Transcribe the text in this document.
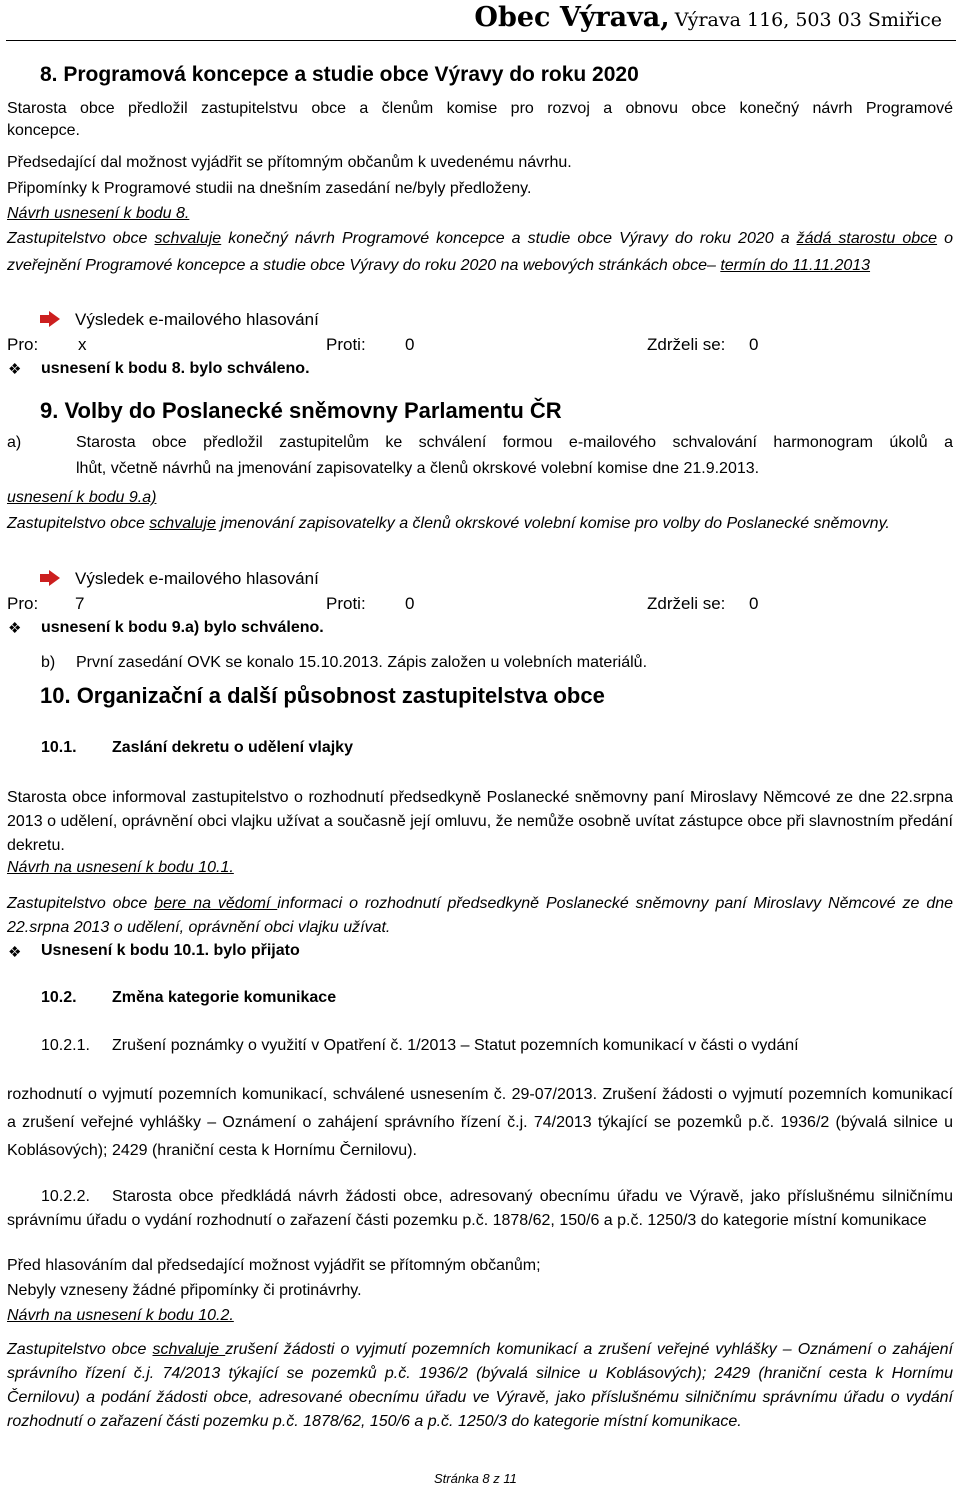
Obec Výrava, Výrava 116, 503 03 Smiřice
8. Programová koncepce a studie obce Výravy do roku 2020
Starosta obce předložil zastupitelstvu obce a členům komise pro rozvoj a obnovu obce konečný návrh Programové
koncepce.
Předsedající dal možnost vyjádřit se přítomným občanům k uvedenému návrhu.
Připomínky k Programové studii na dnešním zasedání ne/byly předloženy.
Návrh usnesení k bodu 8.
Zastupitelstvo obce schvaluje konečný návrh Programové koncepce a studie obce Výravy do roku 2020 a žádá starostu obce o zveřejnění Programové koncepce a studie obce Výravy do roku 2020 na webových stránkách obce– termín do 11.11.2013
Výsledek e-mailového hlasování
Pro: x	Proti: 0	Zdrželi se: 0
❖ usnesení k bodu 8. bylo schváleno.
9. Volby do Poslanecké sněmovny Parlamentu ČR
a)	Starosta obce předložil zastupitelům ke schválení formou e-mailového schvalování harmonogram úkolů a
lhůt, včetně návrhů na jmenování zapisovatelky a členů okrskové volební komise dne 21.9.2013.
usnesení k bodu 9.a)
Zastupitelstvo obce schvaluje jmenování zapisovatelky a členů okrskové volební komise pro volby do Poslanecké sněmovny.
Výsledek e-mailového hlasování
Pro: 7	Proti: 0	Zdrželi se: 0
❖ usnesení k bodu 9.a) bylo schváleno.
b) První zasedání OVK se konalo 15.10.2013. Zápis založen u volebních materiálů.
10. Organizační a další působnost zastupitelstva obce
10.1. Zaslání dekretu o udělení vlajky
Starosta obce informoval zastupitelstvo o rozhodnutí předsedkyně Poslanecké sněmovny paní Miroslavy Němcové ze dne 22.srpna 2013 o udělení, oprávnění obci vlajku užívat a současně její omluvu, že nemůže osobně uvítat zástupce obce při slavnostním předání dekretu.
Návrh na usnesení k bodu 10.1.
Zastupitelstvo obce bere na vědomí informaci o rozhodnutí předsedkyně Poslanecké sněmovny paní Miroslavy Němcové ze dne 22.srpna 2013 o udělení, oprávnění obci vlajku užívat.
❖ Usnesení k bodu 10.1. bylo přijato
10.2. Změna kategorie komunikace
10.2.1. Zrušení poznámky o využití v Opatření č. 1/2013 – Statut pozemních komunikací v části o vydání
rozhodnutí o vyjmutí pozemních komunikací, schválené usnesením č. 29-07/2013. Zrušení žádosti o vyjmutí pozemních komunikací a zrušení veřejné vyhlášky – Oznámení o zahájení správního řízení č.j. 74/2013 týkající se pozemků p.č. 1936/2 (bývalá silnice u Koblásových); 2429 (hraniční cesta k Hornímu Černilovu).
10.2.2. Starosta obce předkládá návrh žádosti obce, adresovaný obecnímu úřadu ve Výravě, jako příslušnému silničnímu správnímu úřadu o vydání rozhodnutí o zařazení části pozemku p.č. 1878/62, 150/6 a p.č. 1250/3 do kategorie místní komunikace
Před hlasováním dal předsedající možnost vyjádřit se přítomným občanům;
Nebyly vzneseny žádné připomínky či protinávrhy.
Návrh na usnesení k bodu 10.2.
Zastupitelstvo obce schvaluje zrušení žádosti o vyjmutí pozemních komunikací a zrušení veřejné vyhlášky – Oznámení o zahájení správního řízení č.j. 74/2013 týkající se pozemků p.č. 1936/2 (bývalá silnice u Koblásových); 2429 (hraniční cesta k Hornímu Černilovu) a podání žádosti obce, adresované obecnímu úřadu ve Výravě, jako příslušnému silničnímu správnímu úřadu o vydání rozhodnutí o zařazení části pozemku p.č. 1878/62, 150/6 a p.č. 1250/3 do kategorie místní komunikace.
Stránka 8 z 11
